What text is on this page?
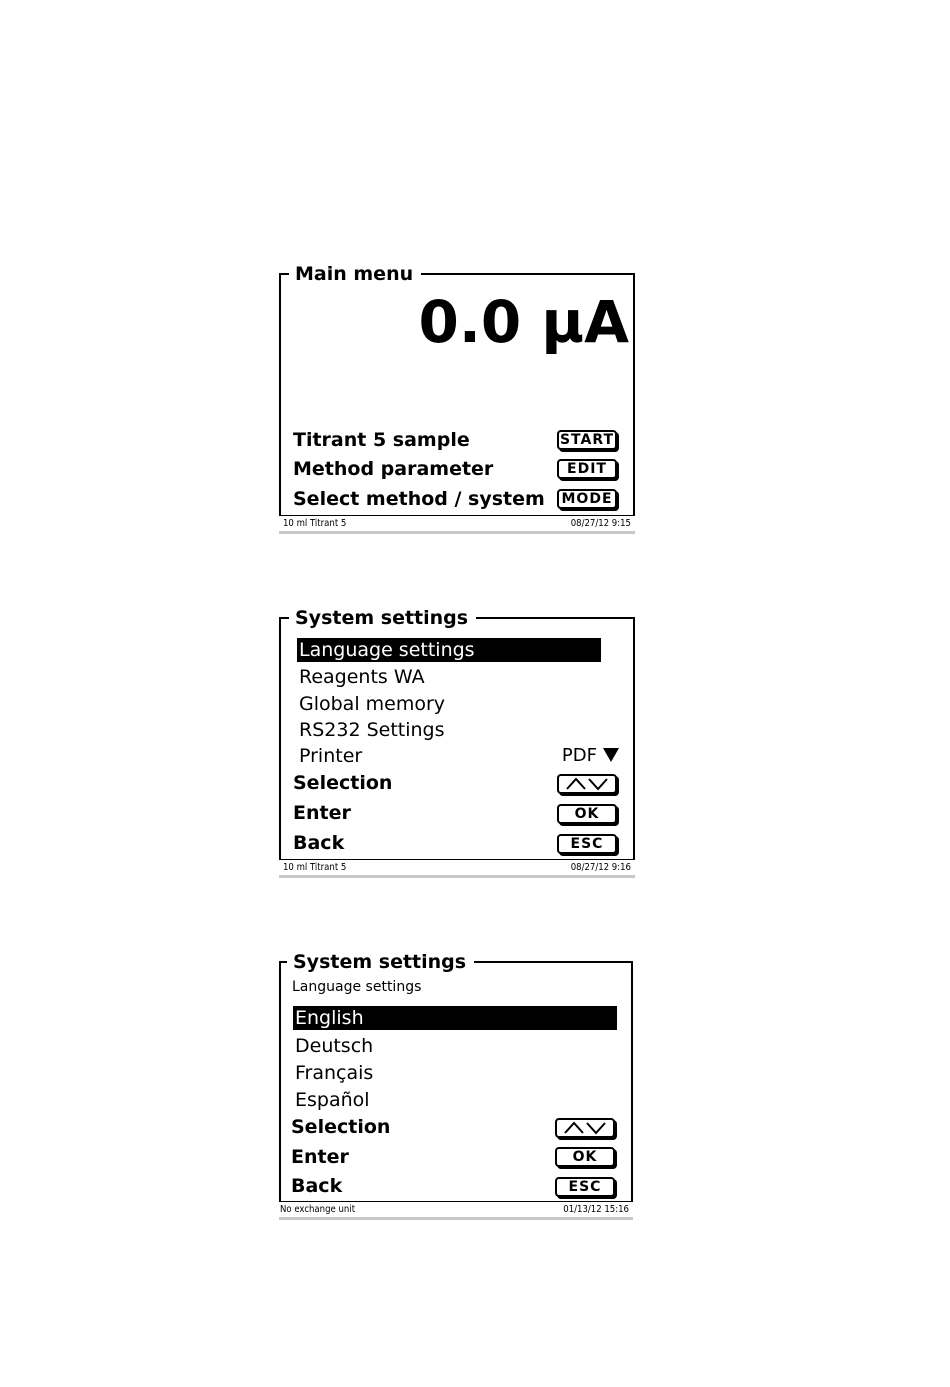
Main menu
0.0 µA
Titrant 5 sample	START
Method parameter	EDIT
Select method / system	MODE
10 ml Titrant 5	08/27/12 9:15
System settings
Language settings
Reagents WA
Global memory
RS232 Settings
Printer	PDF
Selection
Enter	OK
Back	ESC
10 ml Titrant 5	08/27/12 9:16
System settings
Language settings
English
Deutsch
Français
Español
Selection
Enter	OK
Back	ESC
No exchange unit	01/13/12 15:16
